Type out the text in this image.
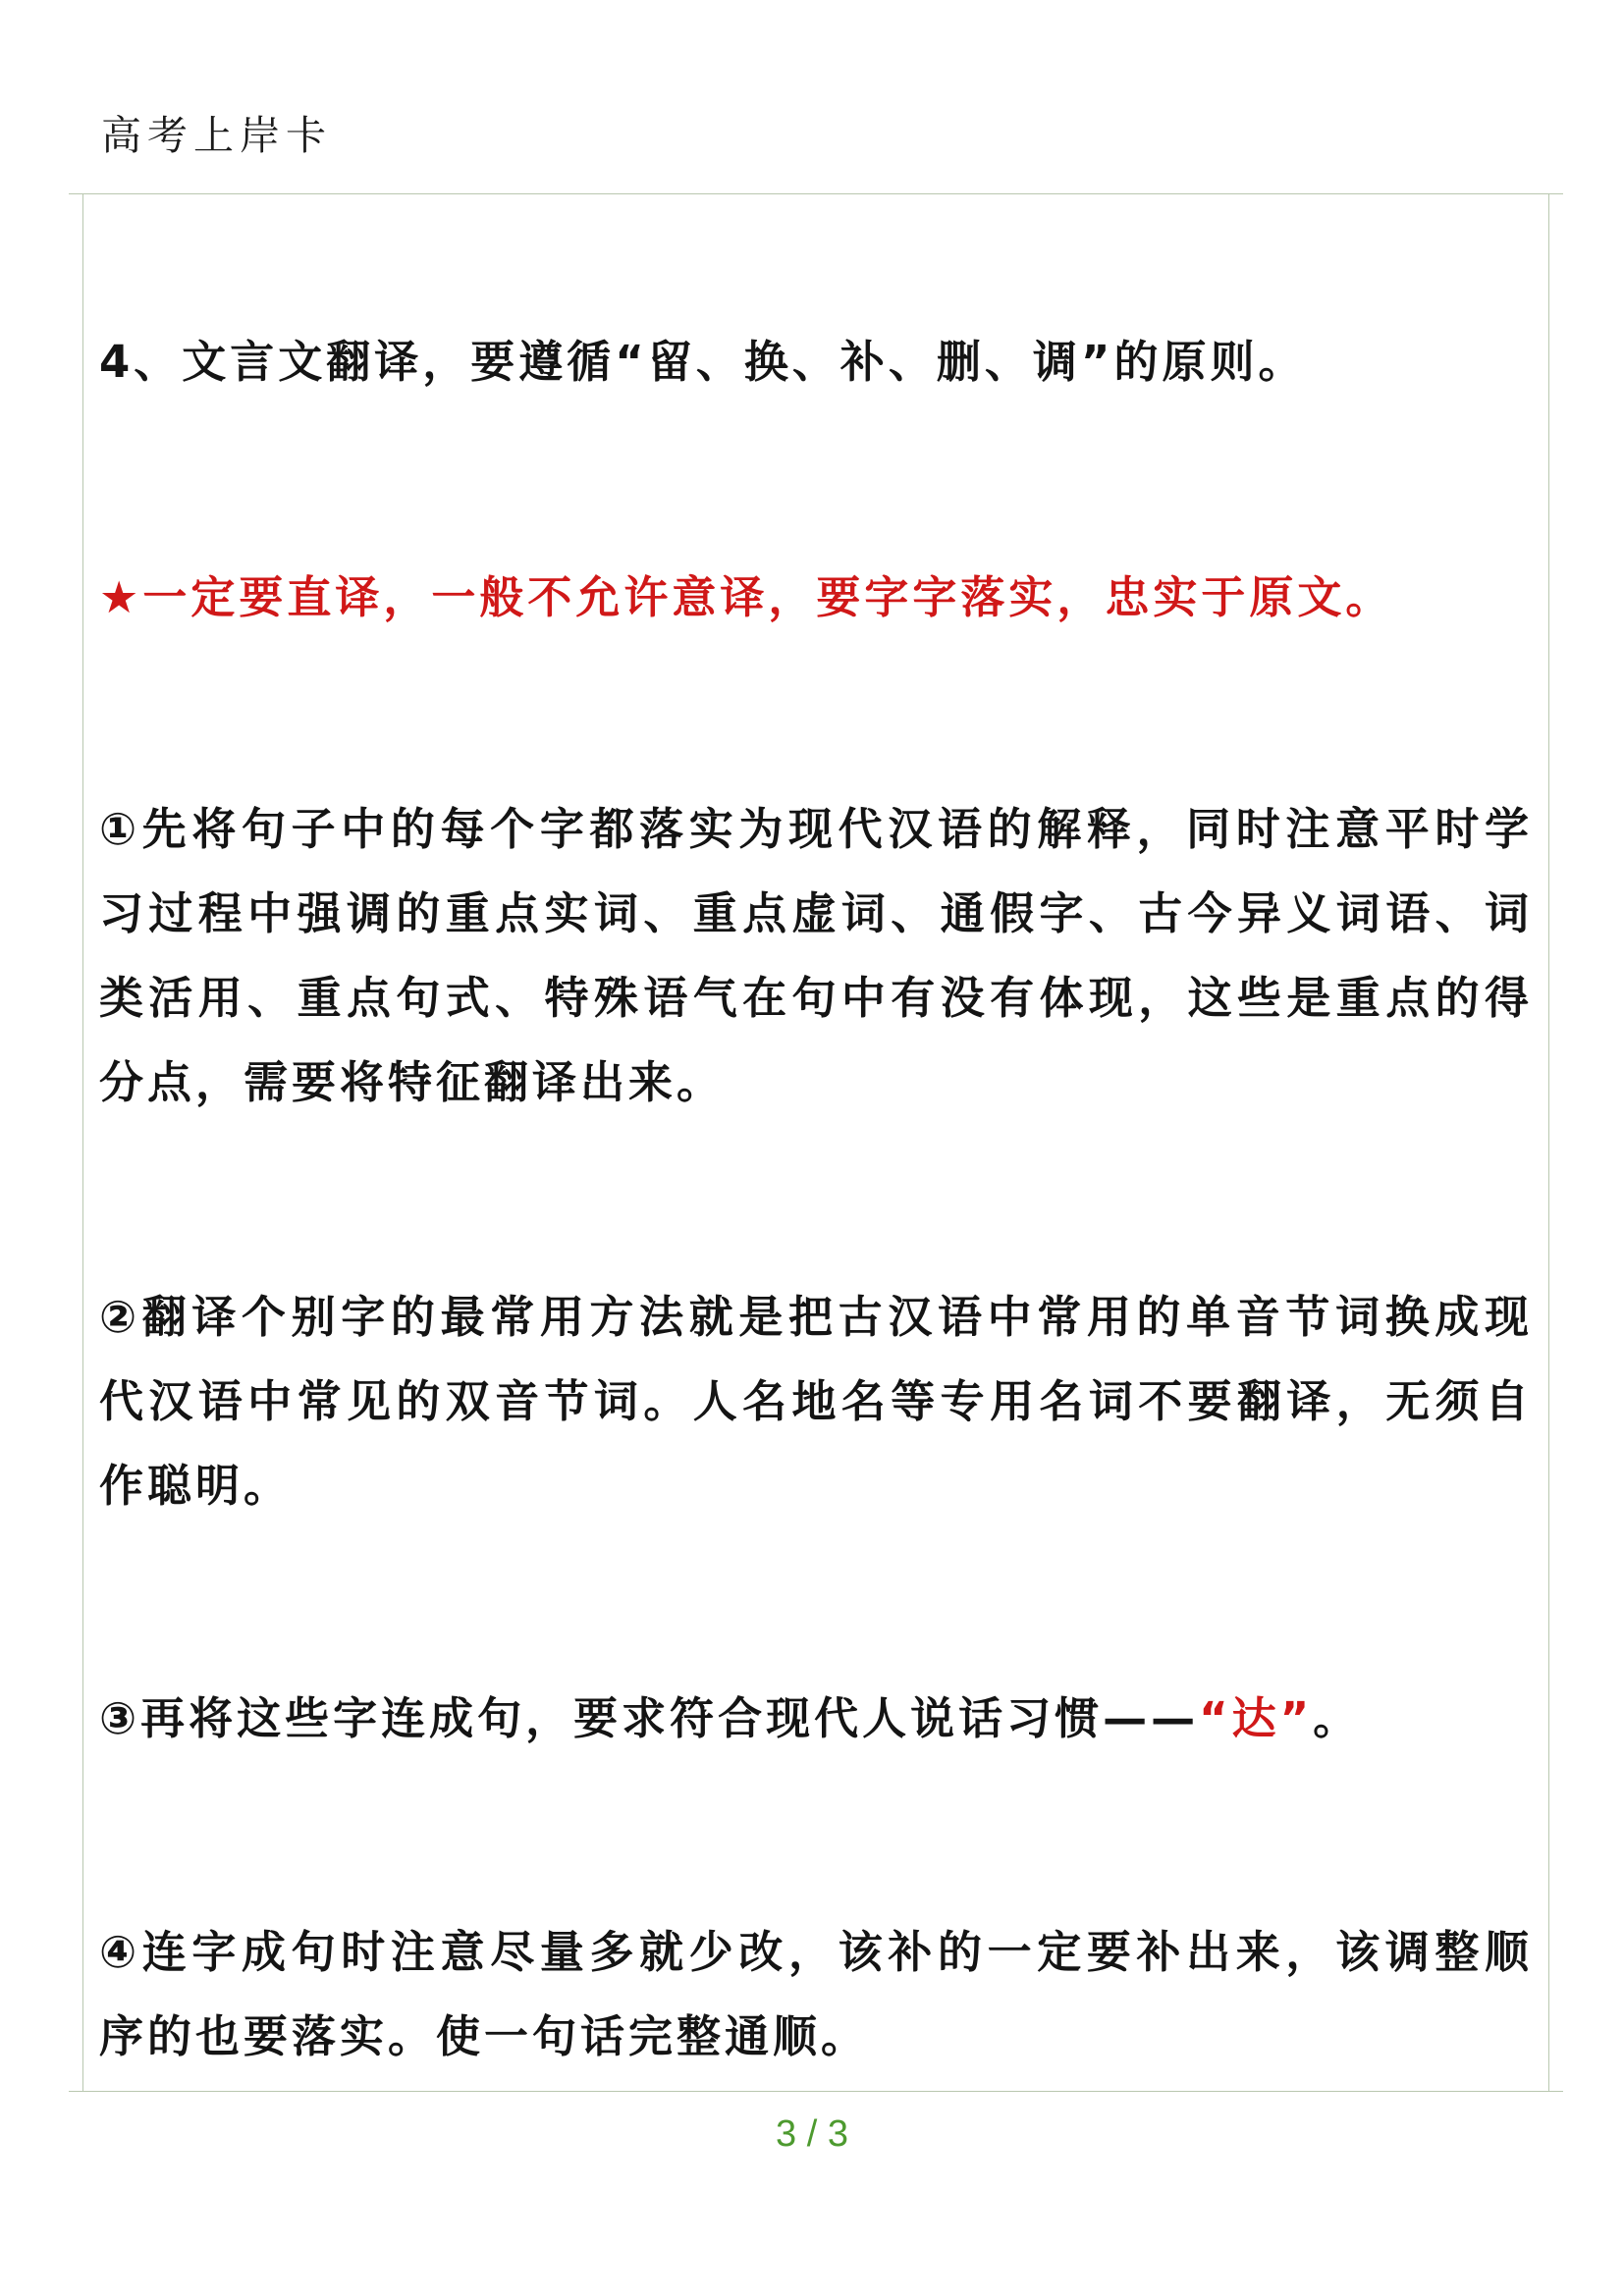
高考上岸卡
4、文言文翻译，要遵循“留、换、补、删、调”的原则。
★一定要直译，一般不允许意译，要字字落实，忠实于原文。
①先将句子中的每个字都落实为现代汉语的解释，同时注意平时学习过程中强调的重点实词、重点虚词、通假字、古今异义词语、词类活用、重点句式、特殊语气在句中有没有体现，这些是重点的得分点，需要将特征翻译出来。
②翻译个别字的最常用方法就是把古汉语中常用的单音节词换成现代汉语中常见的双音节词。人名地名等专用名词不要翻译，无须自作聪明。
③再将这些字连成句，要求符合现代人说话习惯——“达”。
④连字成句时注意尽量多就少改，该补的一定要补出来，该调整顺序的也要落实。使一句话完整通顺。
3 / 3
